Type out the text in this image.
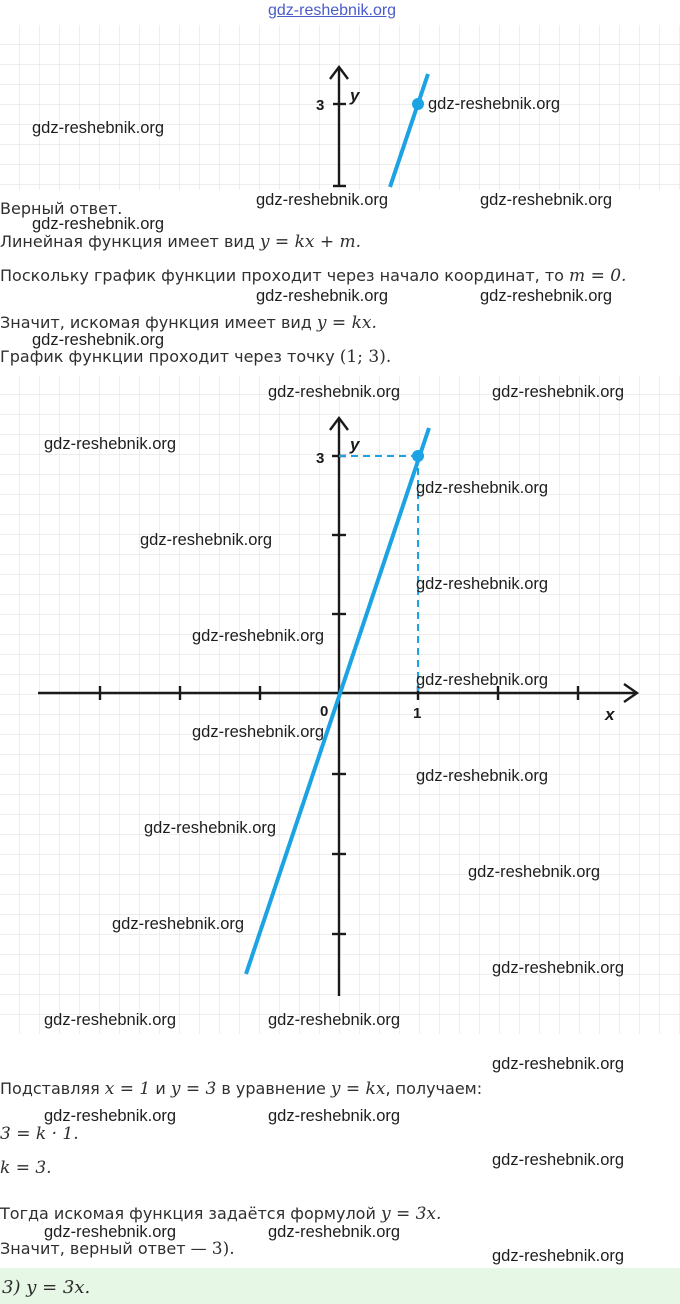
gdz-reshebnik.org
y
3	gdz-reshebnik.org
gdz-reshebnik.org
Верный ответ.	gdz-reshebnik.org	gdz-reshebnik.org
gdz-reshebnik.org
Линейная функция имеет вид y = kx + m.
Поскольку график функции проходит через начало координат, то m = 0.
gdz-reshebnik.org	gdz-reshebnik.org
Значит, искомая функция имеет вид y = kx.
gdz-reshebnik.org
График функции проходит через точку (1; 3).
y
3
0	1	x
gdz-reshebnik.org	gdz-reshebnik.org
gdz-reshebnik.org
gdz-reshebnik.org
gdz-reshebnik.org
gdz-reshebnik.org
gdz-reshebnik.org
gdz-reshebnik.org
gdz-reshebnik.org
gdz-reshebnik.org
gdz-reshebnik.org
gdz-reshebnik.org
gdz-reshebnik.org
gdz-reshebnik.org
gdz-reshebnik.org	gdz-reshebnik.org
gdz-reshebnik.org
Подставляя x = 1 и y = 3 в уравнение y = kx, получаем:
gdz-reshebnik.org	gdz-reshebnik.org
3 = k · 1.
gdz-reshebnik.org
k = 3.
Тогда искомая функция задаётся формулой y = 3x.
gdz-reshebnik.org	gdz-reshebnik.org
Значит, верный ответ — 3).	gdz-reshebnik.org
3) y = 3x.
